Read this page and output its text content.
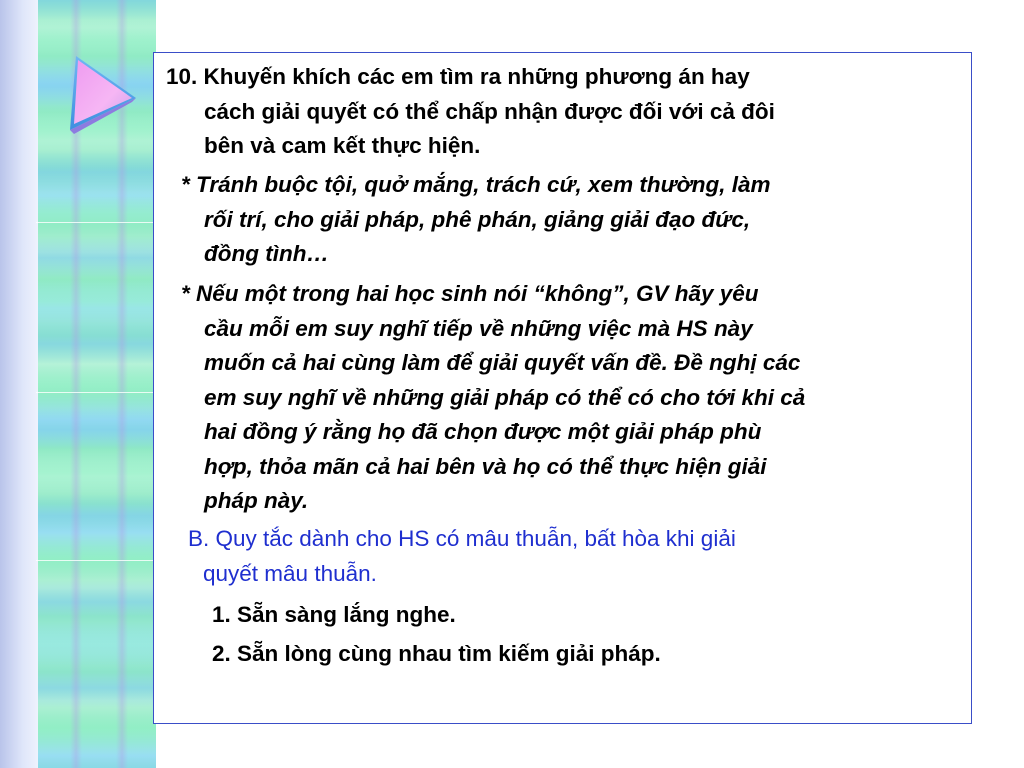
10. Khuyến khích các em tìm ra những phương án hay
cách giải quyết có thể chấp nhận được đối với cả đôi
bên và cam kết thực hiện.

* Tránh buộc tội, quở mắng, trách cứ, xem thường, làm
rối trí, cho giải pháp, phê phán, giảng giải đạo đức,
đồng tình…

* Nếu một trong hai học sinh nói “không”, GV hãy yêu
cầu mỗi em suy nghĩ tiếp về những việc mà HS này
muốn cả hai cùng làm để giải quyết vấn đề. Đề nghị các
em suy nghĩ về những giải pháp có thể có cho tới khi cả
hai đồng ý rằng họ đã chọn được một giải pháp phù
hợp, thỏa mãn cả hai bên và họ có thể thực hiện giải
pháp này.

B. Quy tắc dành cho HS có mâu thuẫn, bất hòa khi giải
quyết mâu thuẫn.

1. Sẵn sàng lắng nghe.
2. Sẵn lòng cùng nhau tìm kiếm giải pháp.
